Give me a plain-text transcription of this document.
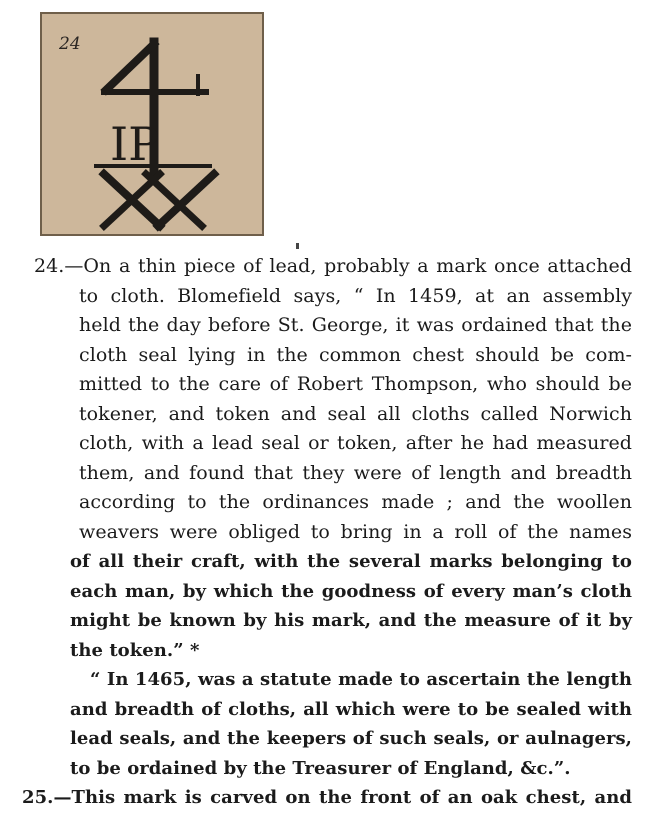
24
IP
24.—On a thin piece of lead, probably a mark once attached
to cloth. Blomefield says, “ In 1459, at an assembly
held the day before St. George, it was ordained that the
cloth seal lying in the common chest should be com-
mitted to the care of Robert Thompson, who should be
tokener, and token and seal all cloths called Norwich
cloth, with a lead seal or token, after he had measured
them, and found that they were of length and breadth
according to the ordinances made ; and the woollen
weavers were obliged to bring in a roll of the names
of all their craft, with the several marks belonging to
each man, by which the goodness of every man’s cloth
might be known by his mark, and the measure of it by
the token.” *
“ In 1465, was a statute made to ascertain the length
and breadth of cloths, all which were to be sealed with
lead seals, and the keepers of such seals, or aulnagers,
to be ordained by the Treasurer of England, &c.”.
25.—This mark is carved on the front of an oak chest, and
